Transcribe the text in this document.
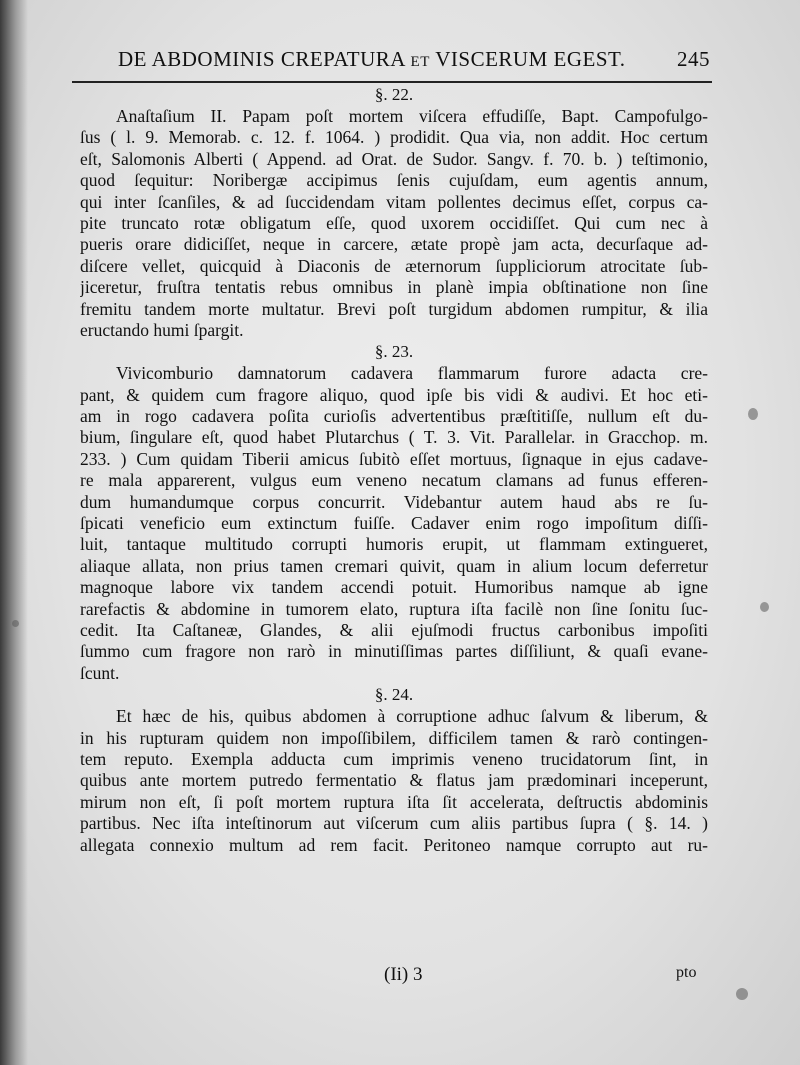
DE ABDOMINIS CREPATURA ET VISCERUM EGEST. 245
§. 22.
Anaſtaſium II. Papam poſt mortem viſcera effudiſſe, Bapt. Campofulgo-
ſus ( l. 9. Memorab. c. 12. f. 1064. ) prodidit. Qua via, non addit. Hoc certum
eſt, Salomonis Alberti ( Append. ad Orat. de Sudor. Sangv. f. 70. b. ) teſtimonio,
quod ſequitur: Noribergæ accipimus ſenis cujuſdam, eum agentis annum,
qui inter ſcanſiles, & ad ſuccidendam vitam pollentes decimus eſſet, corpus ca-
pite truncato rotæ obligatum eſſe, quod uxorem occidiſſet. Qui cum nec à
pueris orare didiciſſet, neque in carcere, ætate propè jam acta, decurſaque ad-
diſcere vellet, quicquid à Diaconis de æternorum ſuppliciorum atrocitate ſub-
jiceretur, fruſtra tentatis rebus omnibus in planè impia obſtinatione non ſine
fremitu tandem morte multatur. Brevi poſt turgidum abdomen rumpitur, & ilia
eructando humi ſpargit.
§. 23.
Vivicomburio damnatorum cadavera flammarum furore adacta cre-
pant, & quidem cum fragore aliquo, quod ipſe bis vidi & audivi. Et hoc eti-
am in rogo cadavera poſita curioſis advertentibus præſtitiſſe, nullum eſt du-
bium, ſingulare eſt, quod habet Plutarchus ( T. 3. Vit. Parallelar. in Gracchop. m.
233. ) Cum quidam Tiberii amicus ſubitò eſſet mortuus, ſignaque in ejus cadave-
re mala apparerent, vulgus eum veneno necatum clamans ad funus efferen-
dum humandumque corpus concurrit. Videbantur autem haud abs re ſu-
ſpicati veneficio eum extinctum fuiſſe. Cadaver enim rogo impoſitum diſſi-
luit, tantaque multitudo corrupti humoris erupit, ut flammam extingueret,
aliaque allata, non prius tamen cremari quivit, quam in alium locum deferretur
magnoque labore vix tandem accendi potuit. Humoribus namque ab igne
rarefactis & abdomine in tumorem elato, ruptura iſta facilè non ſine ſonitu ſuc-
cedit. Ita Caſtaneæ, Glandes, & alii ejuſmodi fructus carbonibus impoſiti
ſummo cum fragore non rarò in minutiſſimas partes diſſiliunt, & quaſi evane-
ſcunt.
§. 24.
Et hæc de his, quibus abdomen à corruptione adhuc ſalvum & liberum, &
in his rupturam quidem non impoſſibilem, difficilem tamen & rarò contingen-
tem reputo. Exempla adducta cum imprimis veneno trucidatorum ſint, in
quibus ante mortem putredo fermentatio & flatus jam prædominari inceperunt,
mirum non eſt, ſi poſt mortem ruptura iſta ſit accelerata, deſtructis abdominis
partibus. Nec iſta inteſtinorum aut viſcerum cum aliis partibus ſupra ( §. 14. )
allegata connexio multum ad rem facit. Peritoneo namque corrupto aut ru-
(Ii) 3	pto
